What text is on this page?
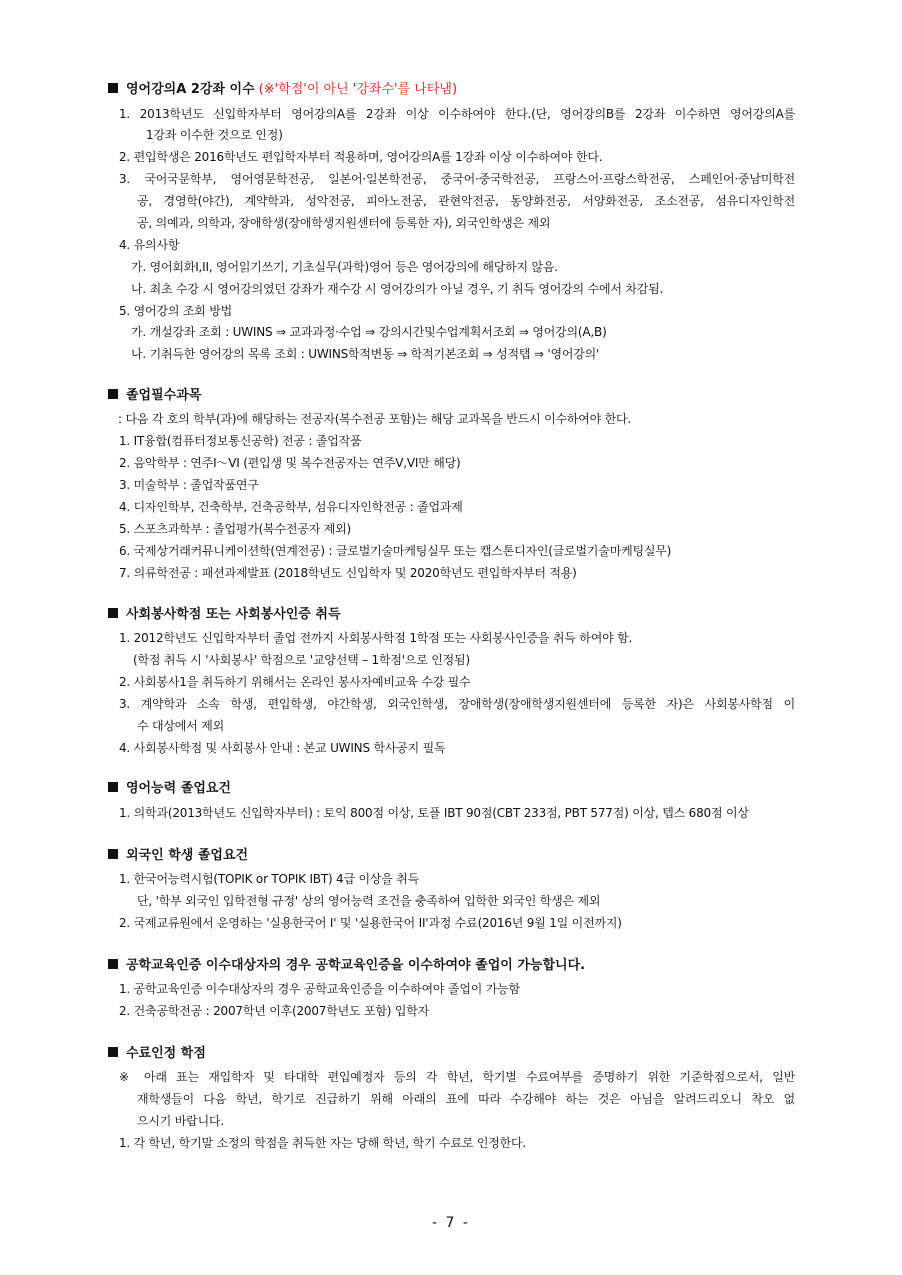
영어강의A 2강좌 이수 (※'학점'이 아닌 '강좌수'를 나타냄)
1. 2013학년도 신입학자부터 영어강의A를 2강좌 이상 이수하여야 한다.(단, 영어강의B를 2강좌 이수하면 영어강의A를
1강좌 이수한 것으로 인정)
2. 편입학생은 2016학년도 편입학자부터 적용하며, 영어강의A를 1강좌 이상 이수하여야 한다.
3. 국어국문학부, 영어영문학전공, 일본어·일본학전공, 중국어·중국학전공, 프랑스어·프랑스학전공, 스페인어·중남미학전
공, 경영학(야간), 계약학과, 성악전공, 피아노전공, 관현악전공, 동양화전공, 서양화전공, 조소전공, 섬유디자인학전
공, 의예과, 의학과, 장애학생(장애학생지원센터에 등록한 자), 외국인학생은 제외
4. 유의사항
가. 영어회화I,II, 영어읽기쓰기, 기초실무(과학)영어 등은 영어강의에 해당하지 않음.
나. 최초 수강 시 영어강의였던 강좌가 재수강 시 영어강의가 아닐 경우, 기 취득 영어강의 수에서 차감됨.
5. 영어강의 조회 방법
가. 개설강좌 조회 : UWINS ⇒ 교과과정·수업 ⇒ 강의시간및수업계획서조회 ⇒ 영어강의(A,B)
나. 기취득한 영어강의 목록 조회 : UWINS학적변동 ⇒ 학적기본조회 ⇒ 성적탭 ⇒ '영어강의'
졸업필수과목
: 다음 각 호의 학부(과)에 해당하는 전공자(복수전공 포함)는 해당 교과목을 반드시 이수하여야 한다.
1. IT융합(컴퓨터정보통신공학) 전공 : 졸업작품
2. 음악학부 : 연주I～VI (편입생 및 복수전공자는 연주V,VI만 해당)
3. 미술학부 : 졸업작품연구
4. 디자인학부, 건축학부, 건축공학부, 섬유디자인학전공 : 졸업과제
5. 스포츠과학부 : 졸업평가(복수전공자 제외)
6. 국제상거래커뮤니케이션학(연계전공) : 글로벌기술마케팅실무 또는 캡스톤디자인(글로벌기술마케팅실무)
7. 의류학전공 : 패션과제발표 (2018학년도 신입학자 및 2020학년도 편입학자부터 적용)
사회봉사학점 또는 사회봉사인증 취득
1. 2012학년도 신입학자부터 졸업 전까지 사회봉사학점 1학점 또는 사회봉사인증을 취득 하여야 함.
(학점 취득 시 '사회봉사' 학점으로 '교양선택 – 1학점'으로 인정됨)
2. 사회봉사1을 취득하기 위해서는 온라인 봉사자예비교육 수강 필수
3. 계약학과 소속 학생, 편입학생, 야간학생, 외국인학생, 장애학생(장애학생지원센터에 등록한 자)은 사회봉사학점 이
수 대상에서 제외
4. 사회봉사학점 및 사회봉사 안내 : 본교 UWINS 학사공지 필독
영어능력 졸업요건
1. 의학과(2013학년도 신입학자부터) : 토익 800점 이상, 토플 IBT 90점(CBT 233점, PBT 577점) 이상, 텝스 680점 이상
외국인 학생 졸업요건
1. 한국어능력시험(TOPIK or TOPIK IBT) 4급 이상을 취득
단, '학부 외국인 입학전형 규정' 상의 영어능력 조건을 충족하여 입학한 외국인 학생은 제외
2. 국제교류원에서 운영하는 '실용한국어 I' 및 '실용한국어 II'과정 수료(2016년 9월 1일 이전까지)
공학교육인증 이수대상자의 경우 공학교육인증을 이수하여야 졸업이 가능합니다.
1. 공학교육인증 이수대상자의 경우 공학교육인증을 이수하여야 졸업이 가능함
2. 건축공학전공 : 2007학년 이후(2007학년도 포함) 입학자
수료인정 학점
※ 아래 표는 재입학자 및 타대학 편입예정자 등의 각 학년, 학기별 수료여부를 증명하기 위한 기준학점으로서, 일반
재학생들이 다음 학년, 학기로 진급하기 위해 아래의 표에 따라 수강해야 하는 것은 아님을 알려드리오니 착오 없
으시기 바랍니다.
1. 각 학년, 학기말 소정의 학점을 취득한 자는 당해 학년, 학기 수료로 인정한다.
- 7 -
